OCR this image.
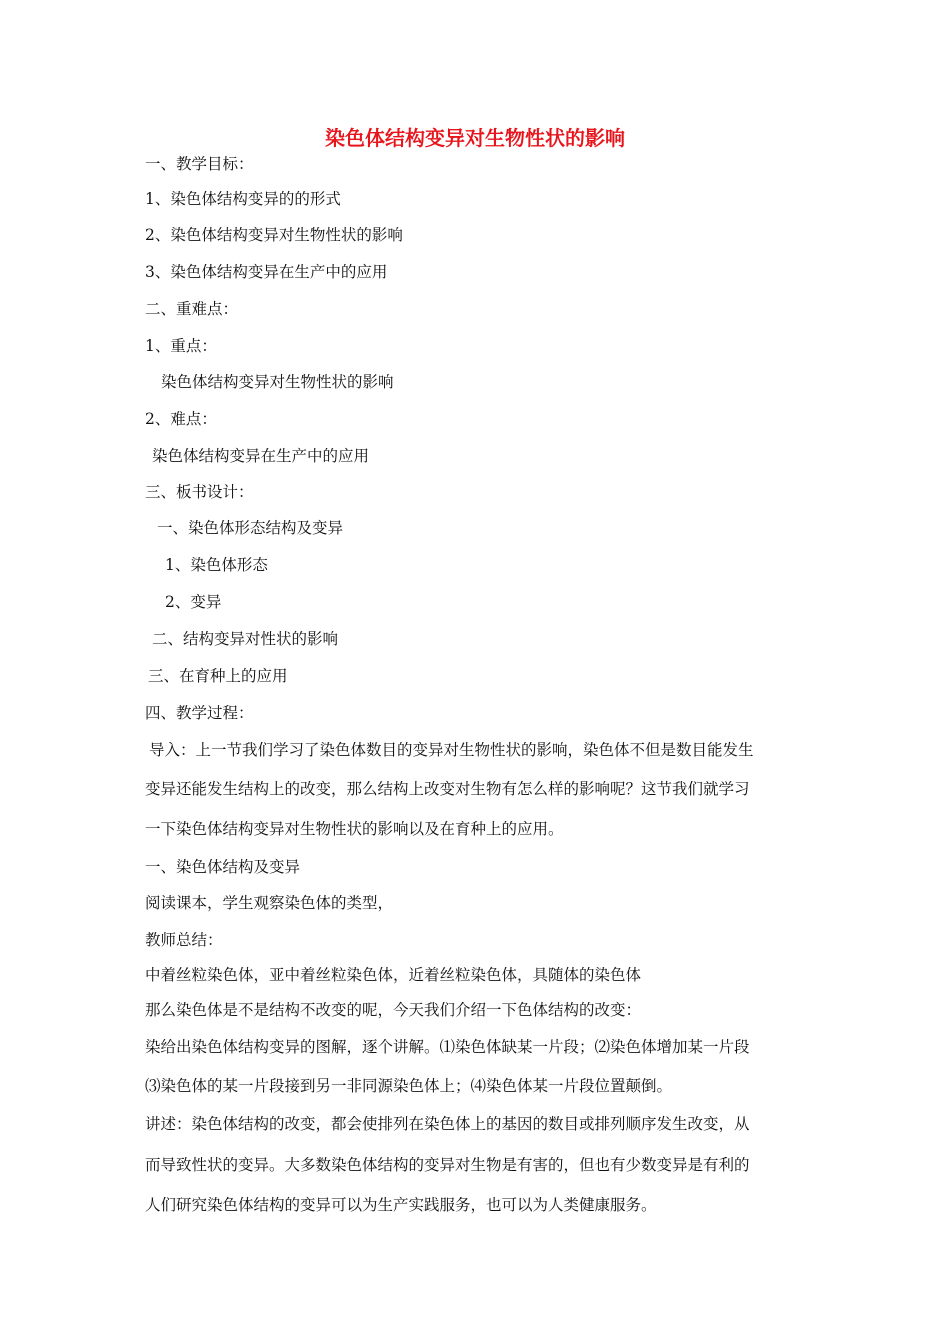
染色体结构变异对生物性状的影响
一、教学目标：
1、染色体结构变异的的形式
2、染色体结构变异对生物性状的影响
3、染色体结构变异在生产中的应用
二、重难点：
1、重点：
染色体结构变异对生物性状的影响
2、难点：
染色体结构变异在生产中的应用
三、板书设计：
一、染色体形态结构及变异
1、染色体形态
2、变异
二、结构变异对性状的影响
三、在育种上的应用
四、教学过程：
导入：上一节我们学习了染色体数目的变异对生物性状的影响，染色体不但是数目能发生
变异还能发生结构上的改变，那么结构上改变对生物有怎么样的影响呢？这节我们就学习
一下染色体结构变异对生物性状的影响以及在育种上的应用。
一、染色体结构及变异
阅读课本，学生观察染色体的类型，
教师总结：
中着丝粒染色体，亚中着丝粒染色体，近着丝粒染色体，具随体的染色体
那么染色体是不是结构不改变的呢，今天我们介绍一下色体结构的改变：
染给出染色体结构变异的图解，逐个讲解。⑴染色体缺某一片段；⑵染色体增加某一片段
⑶染色体的某一片段接到另一非同源染色体上；⑷染色体某一片段位置颠倒。
讲述：染色体结构的改变，都会使排列在染色体上的基因的数目或排列顺序发生改变，从
而导致性状的变异。大多数染色体结构的变异对生物是有害的，但也有少数变异是有利的
人们研究染色体结构的变异可以为生产实践服务，也可以为人类健康服务。
